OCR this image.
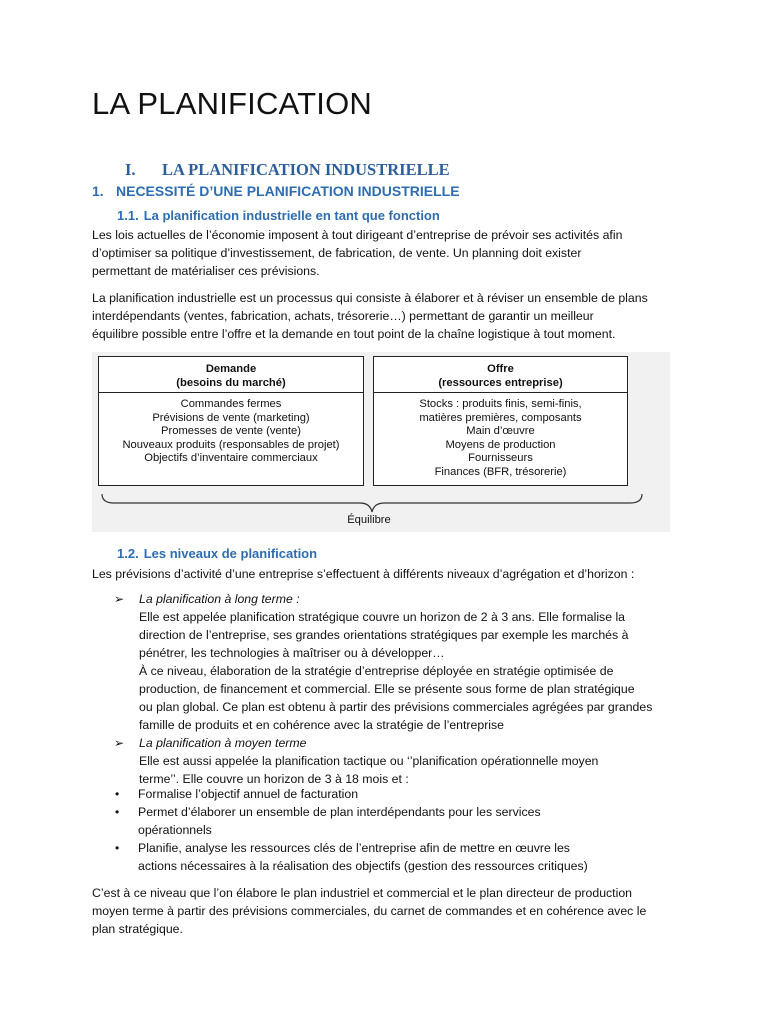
LA PLANIFICATION
I.	LA PLANIFICATION INDUSTRIELLE
1. NECESSITÉ D’UNE PLANIFICATION INDUSTRIELLE
1.1. La planification industrielle en tant que fonction

Les lois actuelles de l’économie imposent à tout dirigeant d’entreprise de prévoir ses activités afin
d’optimiser sa politique d’investissement, de fabrication, de vente. Un planning doit exister
permettant de matérialiser ces prévisions.

La planification industrielle est un processus qui consiste à élaborer et à réviser un ensemble de plans
interdépendants (ventes, fabrication, achats, trésorerie…) permettant de garantir un meilleur
équilibre possible entre l’offre et la demande en tout point de la chaîne logistique à tout moment.

Demande
(besoins du marché)
Commandes fermes
Prévisions de vente (marketing)
Promesses de vente (vente)
Nouveaux produits (responsables de projet)
Objectifs d’inventaire commerciaux
Offre
(ressources entreprise)
Stocks : produits finis, semi-finis,
matières premières, composants
Main d’œuvre
Moyens de production
Fournisseurs
Finances (BFR, trésorerie)
Équilibre
1.2. Les niveaux de planification

Les prévisions d’activité d’une entreprise s’effectuent à différents niveaux d’agrégation et d’horizon :

➢ La planification à long terme :
Elle est appelée planification stratégique couvre un horizon de 2 à 3 ans. Elle formalise la
direction de l’entreprise, ses grandes orientations stratégiques par exemple les marchés à
pénétrer, les technologies à maîtriser ou à développer…
À ce niveau, élaboration de la stratégie d’entreprise déployée en stratégie optimisée de
production, de financement et commercial. Elle se présente sous forme de plan stratégique
ou plan global. Ce plan est obtenu à partir des prévisions commerciales agrégées par grandes
famille de produits et en cohérence avec la stratégie de l’entreprise
➢ La planification à moyen terme
Elle est aussi appelée la planification tactique ou ‘’planification opérationnelle moyen
terme’’. Elle couvre un horizon de 3 à 18 mois et :
• Formalise l’objectif annuel de facturation
• Permet d’élaborer un ensemble de plan interdépendants pour les services
opérationnels
• Planifie, analyse les ressources clés de l’entreprise afin de mettre en œuvre les
actions nécessaires à la réalisation des objectifs (gestion des ressources critiques)

C’est à ce niveau que l’on élabore le plan industriel et commercial et le plan directeur de production
moyen terme à partir des prévisions commerciales, du carnet de commandes et en cohérence avec le
plan stratégique.
